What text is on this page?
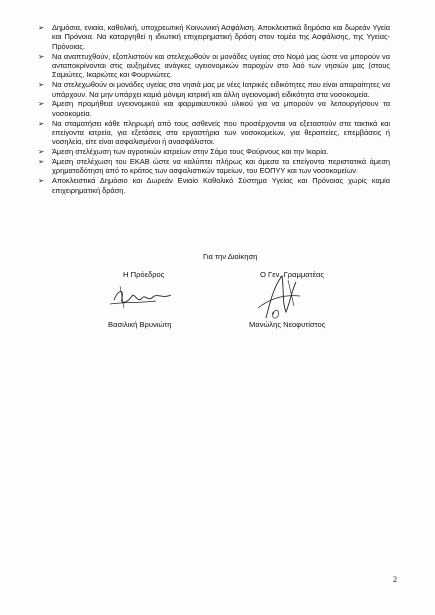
➢ Δημόσια, ενιαία, καθολική, υποχρεωτική Κοινωνική Ασφάλιση. Αποκλειστικά δημόσια και δωρεάν Υγεία και Πρόνοια. Να καταργηθεί η ιδιωτική επιχειρηματική δράση στον τομέα της Ασφάλισης, της Υγείας- Πρόνοιας.
➢ Να αναπτυχθούν, εξοπλιστούν και στελεχωθούν οι μονάδες υγείας στο Νομό μας ώστε να μπορούν να ανταποκρίνονται στις αυξημένες ανάγκες υγειονομικών παροχών στο λαό των νησιών μας (στους Σαμιώτες, Ικαριώτες και Φουρνιώτες.
➢ Να στελεχωθούν οι μονάδες υγείας στα νησιά μας με νέες Ιατρικές ειδικότητες που είναι απαραίτητες να υπάρχουν. Να μην υπάρχει καμιά μόνιμη ιατρική και άλλη υγειονομική ειδικότητα στα νοσοκομεία.
➢ Άμεση προμήθεια υγειονομικού και φαρμακευτικού υλικού για να μπορούν να λειτουργήσουν τα νοσοκομεία.
➢ Να σταματήσει κάθε πληρωμή από τους ασθενείς που προσέρχονται να εξεταστούν στα τακτικά και επείγοντα ιατρεία, για εξετάσεις στα εργαστήρια των νοσοκομείων, για θεραπείες, επεμβάσεις ή νοσηλεία, είτε είναι ασφαλισμένοι ή ανασφάλιστοι.
➢ Άμεση στελέχωση των αγροτικών ιατρείων στην Σάμο τους Φούρνους και την Ικαρία.
➢ Άμεση στελέχωση του ΕΚΑΒ ώστε να καλύπτει πλήρως και άμεσα τα επείγοντα περιστατικά άμεση χρηματοδότηση από το κράτος των ασφαλιστικών ταμείων, του ΕΟΠΥΥ και των νοσοκομείων.
➢ Αποκλειστικά Δημόσιο και Δωρεάν Ενιαίο Καθολικό Σύστημα Υγείας και Πρόνοιας χωρίς καμία επιχειρηματική δράση.
Για την Διοίκηση
Η Πρόεδρος	Ο Γεν. Γραμματέας
Βασιλική Βρυνιώτη	Μανώλης Νεοφυτίστος
2
